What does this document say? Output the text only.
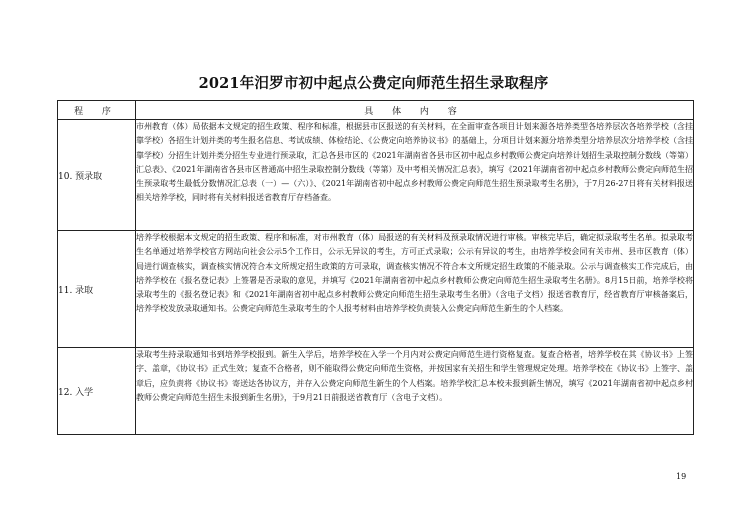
2021年汨罗市初中起点公费定向师范生招生录取程序
程 序	具 体 内 容
10. 预录取	市州教育（体）局依据本文规定的招生政策、程序和标准，根据县市区报送的有关材料，在全面审查各项目计划来源各培养类型各培养层次各培养学校（含挂靠学校）各招生计划并类的考生报名信息、考试成绩、体检结论、《公费定向培养协议书》的基础上，分项目计划来源分培养类型分培养层次分培养学校（含挂靠学校）分招生计划并类分招生专业进行预录取，汇总各县市区的《2021年湖南省各县市区初中起点乡村教师公费定向培养计划招生录取控制分数线（等第）汇总表》、《2021年湖南省各县市区普通高中招生录取控制分数线（等第）及中考相关情况汇总表》，填写《2021年湖南省初中起点乡村教师公费定向师范生招生预录取考生最低分数情况汇总表（一）—（六）》、《2021年湖南省初中起点乡村教师公费定向师范生招生预录取考生名册》，于7月26-27日将有关材料报送相关培养学校，同时将有关材料报送省教育厅存档备查。
11. 录取	培养学校根据本文规定的招生政策、程序和标准，对市州教育（体）局报送的有关材料及预录取情况进行审核。审核完毕后，确定拟录取考生名单。拟录取考生名单通过培养学校官方网站向社会公示5个工作日，公示无异议的考生，方可正式录取；公示有异议的考生，由培养学校会同有关市州、县市区教育（体）局进行调查核实，调查核实情况符合本文所规定招生政策的方可录取，调查核实情况不符合本文所规定招生政策的不能录取。公示与调查核实工作完成后，由培养学校在《报名登记表》上签署是否录取的意见，并填写《2021年湖南省初中起点乡村教师公费定向师范生招生录取考生名册》。8月15日前，培养学校将录取考生的《报名登记表》和《2021年湖南省初中起点乡村教师公费定向师范生招生录取考生名册》（含电子文档）报送省教育厅，经省教育厅审核备案后，培养学校发放录取通知书。公费定向师范生录取考生的个人报考材料由培养学校负责装入公费定向师范生新生的个人档案。
12. 入学	录取考生持录取通知书到培养学校报到。新生入学后，培养学校在入学一个月内对公费定向师范生进行资格复查。复查合格者，培养学校在其《协议书》上签字、盖章，《协议书》正式生效；复查不合格者，则不能取得公费定向师范生资格，并按国家有关招生和学生管理规定处理。培养学校在《协议书》上签字、盖章后，应负责将《协议书》寄送达各协议方，并存入公费定向师范生新生的个人档案。培养学校汇总本校未报到新生情况，填写《2021年湖南省初中起点乡村教师公费定向师范生招生未报到新生名册》，于9月21日前报送省教育厅（含电子文档）。
19
